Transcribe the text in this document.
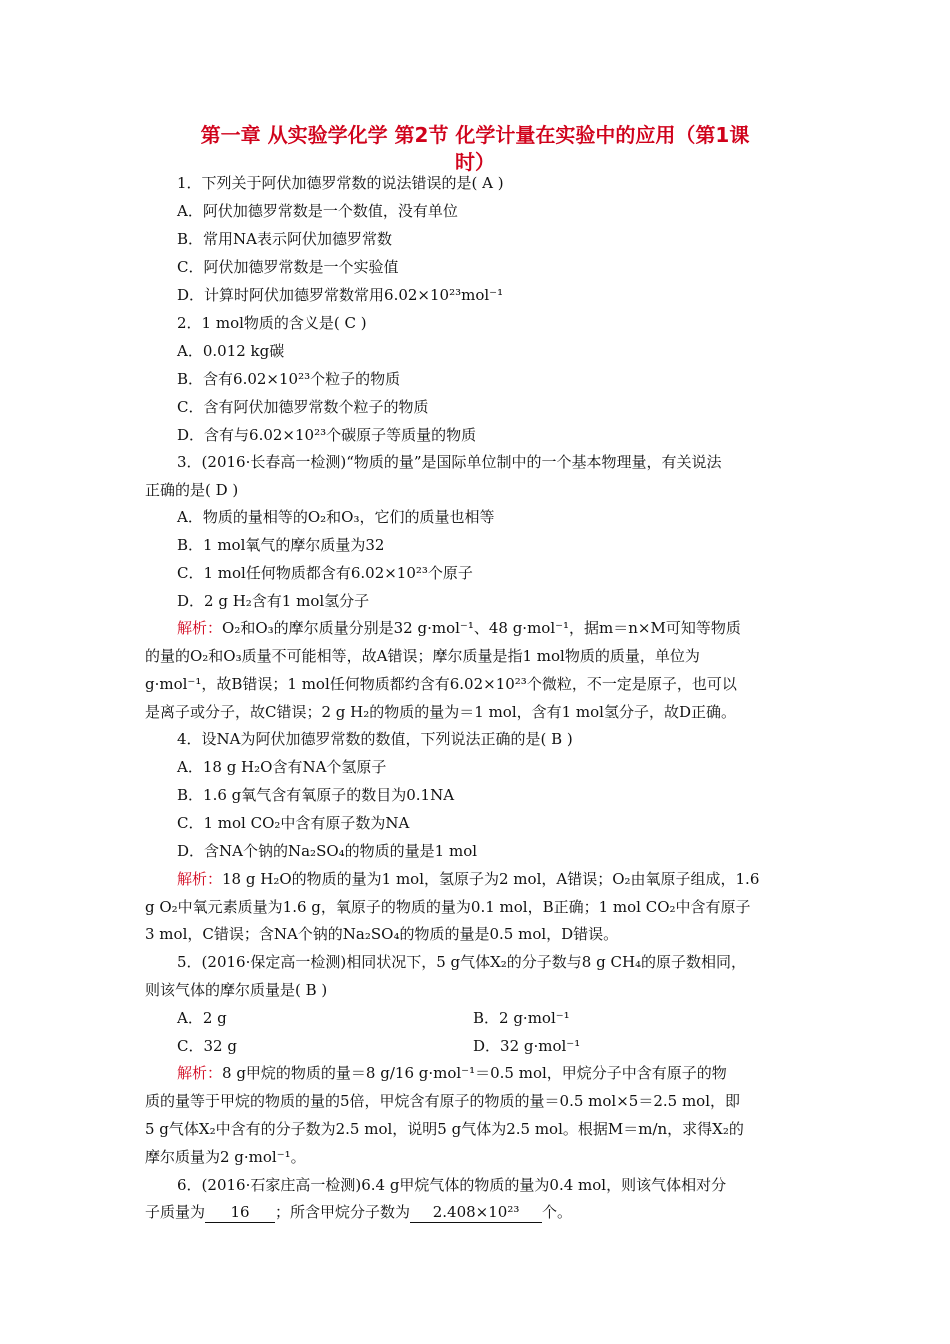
第一章 从实验学化学 第2节 化学计量在实验中的应用（第1课
时）
1．下列关于阿伏加德罗常数的说法错误的是( A )
A．阿伏加德罗常数是一个数值，没有单位
B．常用NA表示阿伏加德罗常数
C．阿伏加德罗常数是一个实验值
D．计算时阿伏加德罗常数常用6.02×10²³mol⁻¹
2．1 mol物质的含义是( C )
A．0.012 kg碳
B．含有6.02×10²³个粒子的物质
C．含有阿伏加德罗常数个粒子的物质
D．含有与6.02×10²³个碳原子等质量的物质
3．(2016·长春高一检测)“物质的量”是国际单位制中的一个基本物理量，有关说法
正确的是( D )
A．物质的量相等的O₂和O₃，它们的质量也相等
B．1 mol氧气的摩尔质量为32
C．1 mol任何物质都含有6.02×10²³个原子
D．2 g H₂含有1 mol氢分子
解析：O₂和O₃的摩尔质量分别是32 g·mol⁻¹、48 g·mol⁻¹，据m＝n×M可知等物质
的量的O₂和O₃质量不可能相等，故A错误；摩尔质量是指1 mol物质的质量，单位为
g·mol⁻¹，故B错误；1 mol任何物质都约含有6.02×10²³个微粒，不一定是原子，也可以
是离子或分子，故C错误；2 g H₂的物质的量为＝1 mol，含有1 mol氢分子，故D正确。
4．设NA为阿伏加德罗常数的数值，下列说法正确的是( B )
A．18 g H₂O含有NA个氢原子
B．1.6 g氧气含有氧原子的数目为0.1NA
C．1 mol CO₂中含有原子数为NA
D．含NA个钠的Na₂SO₄的物质的量是1 mol
解析：18 g H₂O的物质的量为1 mol，氢原子为2 mol，A错误；O₂由氧原子组成，1.6
g O₂中氧元素质量为1.6 g，氧原子的物质的量为0.1 mol，B正确；1 mol CO₂中含有原子
3 mol，C错误；含NA个钠的Na₂SO₄的物质的量是0.5 mol，D错误。
5．(2016·保定高一检测)相同状况下，5 g气体X₂的分子数与8 g CH₄的原子数相同，
则该气体的摩尔质量是( B )
A．2 g	B．2 g·mol⁻¹
C．32 g	D．32 g·mol⁻¹
解析：8 g甲烷的物质的量＝8 g/16 g·mol⁻¹＝0.5 mol，甲烷分子中含有原子的物
质的量等于甲烷的物质的量的5倍，甲烷含有原子的物质的量＝0.5 mol×5＝2.5 mol，即
5 g气体X₂中含有的分子数为2.5 mol，说明5 g气体为2.5 mol。根据M＝m/n，求得X₂的
摩尔质量为2 g·mol⁻¹。
6．(2016·石家庄高一检测)6.4 g甲烷气体的物质的量为0.4 mol，则该气体相对分
子质量为 16 ；所含甲烷分子数为 2.408×10²³ 个。
